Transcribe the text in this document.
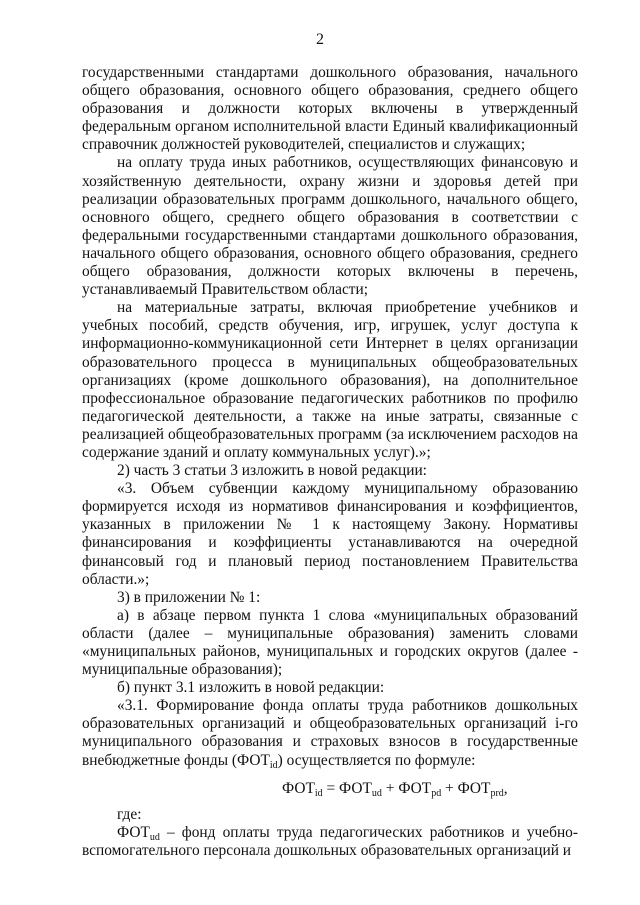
2

государственными стандартами дошкольного образования, начального общего образования, основного общего образования, среднего общего образования и должности которых включены в утвержденный федеральным органом исполнительной власти Единый квалификационный справочник должностей руководителей, специалистов и служащих;

на оплату труда иных работников, осуществляющих финансовую и хозяйственную деятельности, охрану жизни и здоровья детей при реализации образовательных программ дошкольного, начального общего, основного общего, среднего общего образования в соответствии с федеральными государственными стандартами дошкольного образования, начального общего образования, основного общего образования, среднего общего образования, должности которых включены в перечень, устанавливаемый Правительством области;

на материальные затраты, включая приобретение учебников и учебных пособий, средств обучения, игр, игрушек, услуг доступа к информационно-коммуникационной сети Интернет в целях организации образовательного процесса в муниципальных общеобразовательных организациях (кроме дошкольного образования), на дополнительное профессиональное образование педагогических работников по профилю педагогической деятельности, а также на иные затраты, связанные с реализацией общеобразовательных программ (за исключением расходов на содержание зданий и оплату коммунальных услуг).»;

2) часть 3 статьи 3 изложить в новой редакции:

«3. Объем субвенции каждому муниципальному образованию формируется исходя из нормативов финансирования и коэффициентов, указанных в приложении № 1 к настоящему Закону. Нормативы финансирования и коэффициенты устанавливаются на очередной финансовый год и плановый период постановлением Правительства области.»;

3) в приложении № 1:

а) в абзаце первом пункта 1 слова «муниципальных образований области (далее – муниципальные образования) заменить словами «муниципальных районов, муниципальных и городских округов (далее - муниципальные образования);

б) пункт 3.1 изложить в новой редакции:

«3.1. Формирование фонда оплаты труда работников дошкольных образовательных организаций и общеобразовательных организаций i-го муниципального образования и страховых взносов в государственные внебюджетные фонды $(ФОТ_{id})$ осуществляется по формуле:

$ФОТ_{id} = ФОТ_{ud} + ФОТ_{pd} + ФОТ_{prd}$,

где:

$ФОТ_{ud}$ – фонд оплаты труда педагогических работников и учебно-вспомогательного персонала дошкольных образовательных организаций и
